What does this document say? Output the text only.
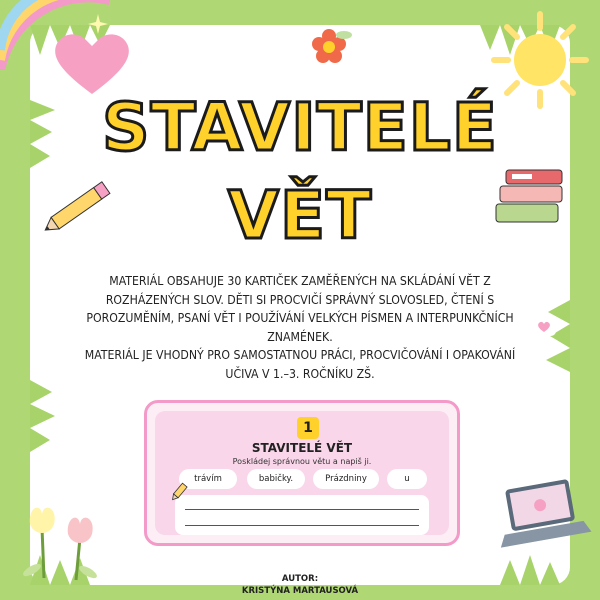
STAVITELÉ
VĚT

MATERIÁL OBSAHUJE 30 KARTIČEK ZAMĚŘENÝCH NA SKLÁDÁNÍ VĚT Z ROZHÁZENÝCH SLOV. DĚTI SI PROCVIČÍ SPRÁVNÝ SLOVOSLED, ČTENÍ S POROZUMĚNÍM, PSANÍ VĚT I POUŽÍVÁNÍ VELKÝCH PÍSMEN A INTERPUNKČNÍCH ZNAMÉNEK.

MATERIÁL JE VHODNÝ PRO SAMOSTATNOU PRÁCI, PROCVIČOVÁNÍ I OPAKOVÁNÍ UČIVA V 1.–3. ROČNÍKU ZŠ.

1
STAVITELÉ VĚT
Poskládej správnou větu a napiš ji.
trávím	babičky.	Prázdniny	u
AUTOR:
KRISTÝNA MARTAUSOVÁ
